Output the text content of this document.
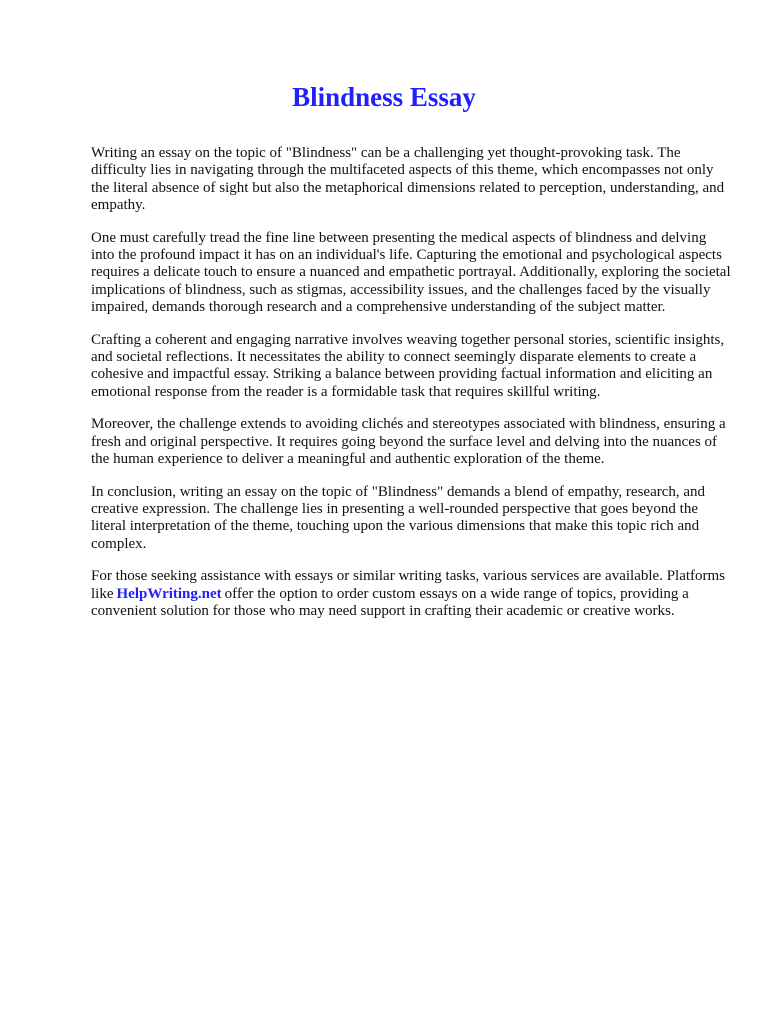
Blindness Essay

Writing an essay on the topic of "Blindness" can be a challenging yet thought-provoking task. The difficulty lies in navigating through the multifaceted aspects of this theme, which encompasses not only the literal absence of sight but also the metaphorical dimensions related to perception, understanding, and empathy.

One must carefully tread the fine line between presenting the medical aspects of blindness and delving into the profound impact it has on an individual's life. Capturing the emotional and psychological aspects requires a delicate touch to ensure a nuanced and empathetic portrayal. Additionally, exploring the societal implications of blindness, such as stigmas, accessibility issues, and the challenges faced by the visually impaired, demands thorough research and a comprehensive understanding of the subject matter.

Crafting a coherent and engaging narrative involves weaving together personal stories, scientific insights, and societal reflections. It necessitates the ability to connect seemingly disparate elements to create a cohesive and impactful essay. Striking a balance between providing factual information and eliciting an emotional response from the reader is a formidable task that requires skillful writing.

Moreover, the challenge extends to avoiding clichés and stereotypes associated with blindness, ensuring a fresh and original perspective. It requires going beyond the surface level and delving into the nuances of the human experience to deliver a meaningful and authentic exploration of the theme.

In conclusion, writing an essay on the topic of "Blindness" demands a blend of empathy, research, and creative expression. The challenge lies in presenting a well-rounded perspective that goes beyond the literal interpretation of the theme, touching upon the various dimensions that make this topic rich and complex.

For those seeking assistance with essays or similar writing tasks, various services are available. Platforms like HelpWriting.net offer the option to order custom essays on a wide range of topics, providing a convenient solution for those who may need support in crafting their academic or creative works.
